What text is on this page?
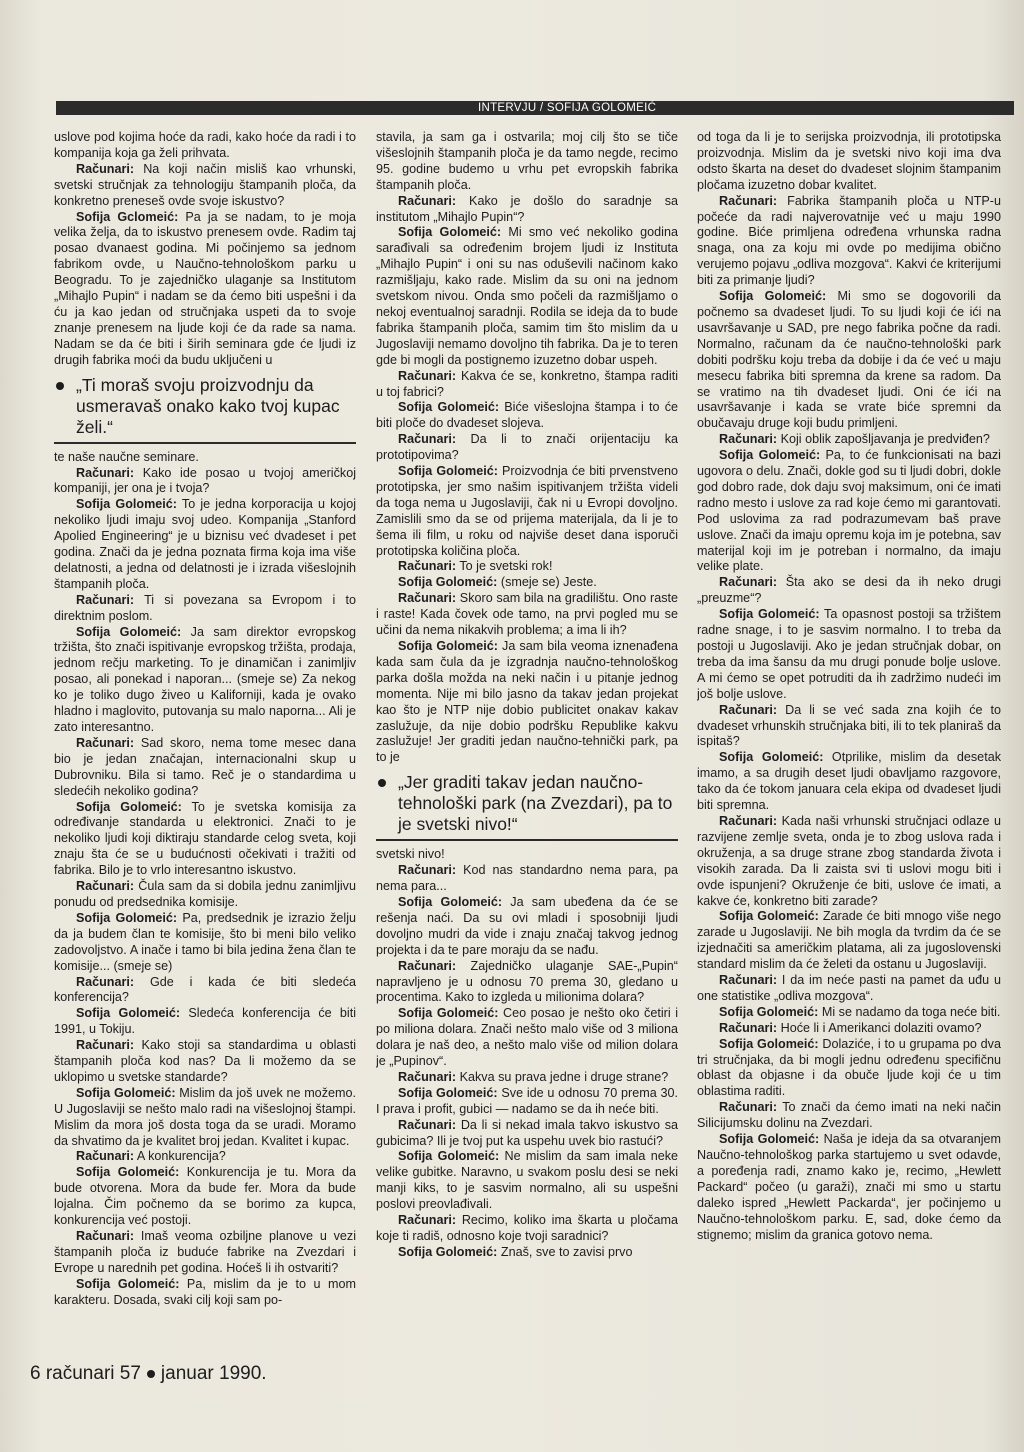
INTERVJU / SOFIJA GOLOMEIĆ

uslove pod kojima hoće da radi, kako hoće da radi i to kompanija koja ga želi prihvata.

Računari: Na koji način misliš kao vrhunski, svetski stručnjak za tehnologiju štampanih ploča, da konkretno preneseš ovde svoje iskustvo?

Sofija Gclomeić: Pa ja se nadam, to je moja velika želja, da to iskustvo prenesem ovde. Radim taj posao dvanaest godina. Mi počinjemo sa jednom fabrikom ovde, u Naučno-tehnološkom parku u Beogradu. To je zajedničko ulaganje sa Institutom „Mihajlo Pupin“ i nadam se da ćemo biti uspešni i da ću ja kao jedan od stručnjaka uspeti da to svoje znanje prenesem na ljude koji će da rade sa nama. Nadam se da će biti i širih seminara gde će ljudi iz drugih fabrika moći da budu uključeni u

„Ti moraš svoju proizvodnju da usmeravaš onako kako tvoj kupac želi.“

te naše naučne seminare.

Računari: Kako ide posao u tvojoj američkoj kompaniji, jer ona je i tvoja?

Sofija Golomeić: To je jedna korporacija u kojoj nekoliko ljudi imaju svoj udeo. Kompanija „Stanford Apolied Engineering“ je u biznisu već dvadeset i pet godina. Znači da je jedna poznata firma koja ima više delatnosti, a jedna od delatnosti je i izrada višeslojnih štampanih ploča.

Računari: Ti si povezana sa Evropom i to direktnim poslom.

Sofija Golomeić: Ja sam direktor evropskog tržišta, što znači ispitivanje evropskog tržišta, prodaja, jednom rečju marketing. To je dinamičan i zanimljiv posao, ali ponekad i naporan... (smeje se) Za nekog ko je toliko dugo živeo u Kaliforniji, kada je ovako hladno i maglovito, putovanja su malo naporna... Ali je zato interesantno.

Računari: Sad skoro, nema tome mesec dana bio je jedan značajan, internacionalni skup u Dubrovniku. Bila si tamo. Reč je o standardima u sledećih nekoliko godina?

Sofija Golomeić: To je svetska komisija za određivanje standarda u elektronici. Znači to je nekoliko ljudi koji diktiraju standarde celog sveta, koji znaju šta će se u budućnosti očekivati i tražiti od fabrika. Bilo je to vrlo interesantno iskustvo.

Računari: Čula sam da si dobila jednu zanimljivu ponudu od predsednika komisije.

Sofija Golomeić: Pa, predsednik je izrazio želju da ja budem član te komisije, što bi meni bilo veliko zadovoljstvo. A inače i tamo bi bila jedina žena član te komisije... (smeje se)

Računari: Gde i kada će biti sledeća konferencija?

Sofija Golomeić: Sledeća konferencija će biti 1991, u Tokiju.

Računari: Kako stoji sa standardima u oblasti štampanih ploča kod nas? Da li možemo da se uklopimo u svetske standarde?

Sofija Golomeić: Mislim da još uvek ne možemo. U Jugoslaviji se nešto malo radi na višeslojnoj štampi. Mislim da mora još dosta toga da se uradi. Moramo da shvatimo da je kvalitet broj jedan. Kvalitet i kupac.

Računari: A konkurencija?

Sofija Golomeić: Konkurencija je tu. Mora da bude otvorena. Mora da bude fer. Mora da bude lojalna. Čim počnemo da se borimo za kupca, konkurencija već postoji.

Računari: Imaš veoma ozbiljne planove u vezi štampanih ploča iz buduće fabrike na Zvezdari i Evrope u narednih pet godina. Hoćeš li ih ostvariti?

Sofija Golomeić: Pa, mislim da je to u mom karakteru. Dosada, svaki cilj koji sam po-

stavila, ja sam ga i ostvarila; moj cilj što se tiče višeslojnih štampanih ploča je da tamo negde, recimo 95. godine budemo u vrhu pet evropskih fabrika štampanih ploča.

Računari: Kako je došlo do saradnje sa institutom „Mihajlo Pupin“?

Sofija Golomeić: Mi smo već nekoliko godina sarađivali sa određenim brojem ljudi iz Instituta „Mihajlo Pupin“ i oni su nas oduševili načinom kako razmišljaju, kako rade. Mislim da su oni na jednom svetskom nivou. Onda smo počeli da razmišljamo o nekoj eventualnoj saradnji. Rodila se ideja da to bude fabrika štampanih ploča, samim tim što mislim da u Jugoslaviji nemamo dovoljno tih fabrika. Da je to teren gde bi mogli da postignemo izuzetno dobar uspeh.

Računari: Kakva će se, konkretno, štampa raditi u toj fabrici?

Sofija Golomeić: Biće višeslojna štampa i to će biti ploče do dvadeset slojeva.

Računari: Da li to znači orijentaciju ka prototipovima?

Sofija Golomeić: Proizvodnja će biti prvenstveno prototipska, jer smo našim ispitivanjem tržišta videli da toga nema u Jugoslaviji, čak ni u Evropi dovoljno. Zamislili smo da se od prijema materijala, da li je to šema ili film, u roku od najviše deset dana isporuči prototipska količina ploča.

Računari: To je svetski rok!

Sofija Golomeić: (smeje se) Jeste.

Računari: Skoro sam bila na gradilištu. Ono raste i raste! Kada čovek ode tamo, na prvi pogled mu se učini da nema nikakvih problema; a ima li ih?

Sofija Golomeić: Ja sam bila veoma iznenađena kada sam čula da je izgradnja naučno-tehnološkog parka došla možda na neki način i u pitanje jednog momenta. Nije mi bilo jasno da takav jedan projekat kao što je NTP nije dobio publicitet onakav kakav zaslužuje, da nije dobio podršku Republike kakvu zaslužuje! Jer graditi jedan naučno-tehnički park, pa to je

„Jer graditi takav jedan naučno-tehnološki park (na Zvezdari), pa to je svetski nivo!“

svetski nivo!

Računari: Kod nas standardno nema para, pa nema para...

Sofija Golomeić: Ja sam ubeđena da će se rešenja naći. Da su ovi mladi i sposobniji ljudi dovoljno mudri da vide i znaju značaj takvog jednog projekta i da te pare moraju da se nađu.

Računari: Zajedničko ulaganje SAE-„Pupin“ napravljeno je u odnosu 70 prema 30, gledano u procentima. Kako to izgleda u milionima dolara?

Sofija Golomeić: Ceo posao je nešto oko četiri i po miliona dolara. Znači nešto malo više od 3 miliona dolara je naš deo, a nešto malo više od milion dolara je „Pupinov“.

Računari: Kakva su prava jedne i druge strane?

Sofija Golomeić: Sve ide u odnosu 70 prema 30. I prava i profit, gubici — nadamo se da ih neće biti.

Računari: Da li si nekad imala takvo iskustvo sa gubicima? Ili je tvoj put ka uspehu uvek bio rastući?

Sofija Golomeić: Ne mislim da sam imala neke velike gubitke. Naravno, u svakom poslu desi se neki manji kiks, to je sasvim normalno, ali su uspešni poslovi preovlađivali.

Računari: Recimo, koliko ima škarta u pločama koje ti radiš, odnosno koje tvoji saradnici?

Sofija Golomeić: Znaš, sve to zavisi prvo

od toga da li je to serijska proizvodnja, ili prototipska proizvodnja. Mislim da je svetski nivo koji ima dva odsto škarta na deset do dvadeset slojnim štampanim pločama izuzetno dobar kvalitet.

Računari: Fabrika štampanih ploča u NTP-u počeće da radi najverovatnije već u maju 1990 godine. Biće primljena određena vrhunska radna snaga, ona za koju mi ovde po medijima obično verujemo pojavu „odliva mozgova“. Kakvi će kriterijumi biti za primanje ljudi?

Sofija Golomeić: Mi smo se dogovorili da počnemo sa dvadeset ljudi. To su ljudi koji će ići na usavršavanje u SAD, pre nego fabrika počne da radi. Normalno, računam da će naučno-tehnološki park dobiti podršku koju treba da dobije i da će već u maju mesecu fabrika biti spremna da krene sa radom. Da se vratimo na tih dvadeset ljudi. Oni će ići na usavršavanje i kada se vrate biće spremni da obučavaju druge koji budu primljeni.

Računari: Koji oblik zapošljavanja je predviđen?

Sofija Golomeić: Pa, to će funkcionisati na bazi ugovora o delu. Znači, dokle god su ti ljudi dobri, dokle god dobro rade, dok daju svoj maksimum, oni će imati radno mesto i uslove za rad koje ćemo mi garantovati. Pod uslovima za rad podrazumevam baš prave uslove. Znači da imaju opremu koja im je potebna, sav materijal koji im je potreban i normalno, da imaju velike plate.

Računari: Šta ako se desi da ih neko drugi „preuzme“?

Sofija Golomeić: Ta opasnost postoji sa tržištem radne snage, i to je sasvim normalno. I to treba da postoji u Jugoslaviji. Ako je jedan stručnjak dobar, on treba da ima šansu da mu drugi ponude bolje uslove. A mi ćemo se opet potruditi da ih zadržimo nudeći im još bolje uslove.

Računari: Da li se već sada zna kojih će to dvadeset vrhunskih stručnjaka biti, ili to tek planiraš da ispitaš?

Sofija Golomeić: Otprilike, mislim da desetak imamo, a sa drugih deset ljudi obavljamo razgovore, tako da će tokom januara cela ekipa od dvadeset ljudi biti spremna.

Računari: Kada naši vrhunski stručnjaci odlaze u razvijene zemlje sveta, onda je to zbog uslova rada i okruženja, a sa druge strane zbog standarda života i visokih zarada. Da li zaista svi ti uslovi mogu biti i ovde ispunjeni? Okruženje će biti, uslove će imati, a kakve će, konkretno biti zarade?

Sofija Golomeić: Zarade će biti mnogo više nego zarade u Jugoslaviji. Ne bih mogla da tvrdim da će se izjednačiti sa američkim platama, ali za jugoslovenski standard mislim da će želeti da ostanu u Jugoslaviji.

Računari: I da im neće pasti na pamet da uđu u one statistike „odliva mozgova“.

Sofija Golomeić: Mi se nadamo da toga neće biti.

Računari: Hoće li i Amerikanci dolaziti ovamo?

Sofija Golomeić: Dolaziće, i to u grupama po dva tri stručnjaka, da bi mogli jednu određenu specifičnu oblast da objasne i da obuče ljude koji će u tim oblastima raditi.

Računari: To znači da ćemo imati na neki način Silicijumsku dolinu na Zvezdari.

Sofija Golomeić: Naša je ideja da sa otvaranjem Naučno-tehnološkog parka startujemo u svet odavde, a poređenja radi, znamo kako je, recimo, „Hewlett Packard“ počeo (u garaži), znači mi smo u startu daleko ispred „Hewlett Packarda“, jer počinjemo u Naučno-tehnološkom parku. E, sad, doke ćemo da stignemo; mislim da granica gotovo nema.

6 računari 57 januar 1990.
